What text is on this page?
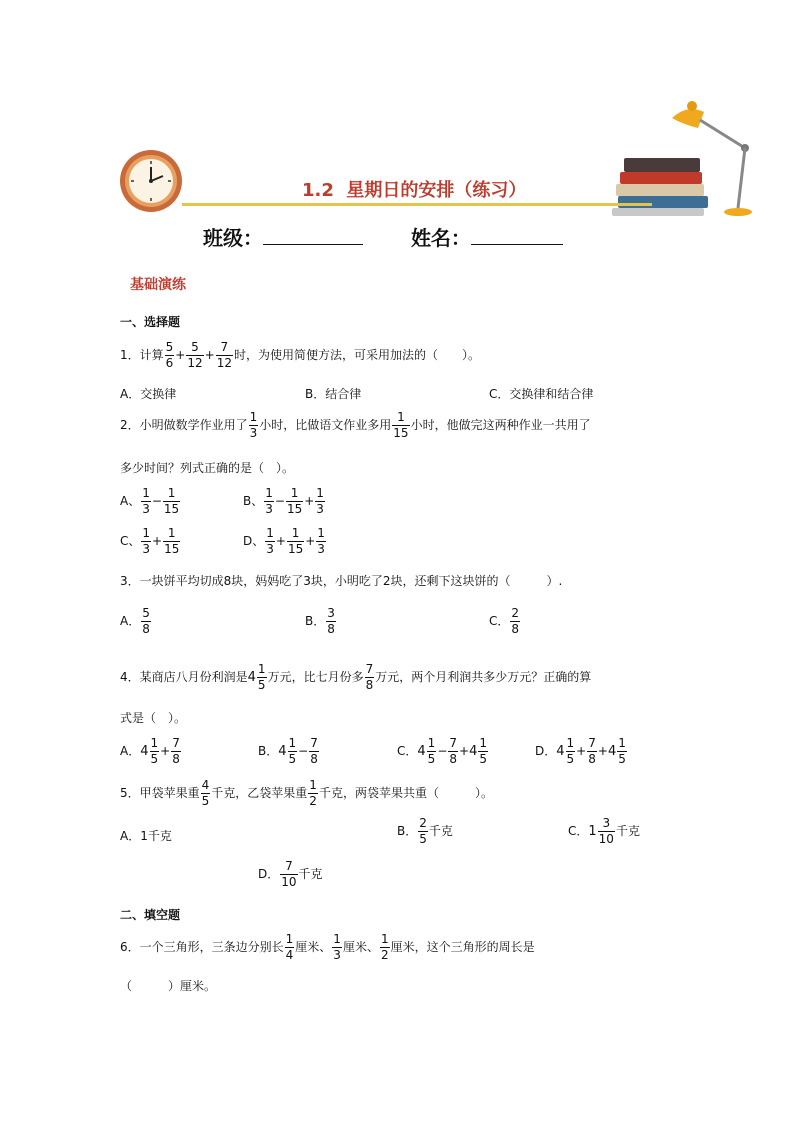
1.2  星期日的安排（练习）
班级：	姓名：
基础演练
一、选择题
1．计算 $\frac{5}{6} + \frac{5}{12} + \frac{7}{12}$ 时，为使用简便方法，可采用加法的（　　）。
A．交换律	B．结合律	C．交换律和结合律
2．小明做数学作业用了 $\frac{1}{3}$ 小时，比做语文作业多用 $\frac{1}{15}$ 小时，他做完这两种作业一共用了
多少时间？列式正确的是（　）。
A、 $\frac{1}{3} - \frac{1}{15}$	B、 $\frac{1}{3} - \frac{1}{15} + \frac{1}{3}$
C、 $\frac{1}{3} + \frac{1}{15}$	D、 $\frac{1}{3} + \frac{1}{15} + \frac{1}{3}$
3．一块饼平均切成8块，妈妈吃了3块，小明吃了2块，还剩下这块饼的（　　　）.
A． $\frac{5}{8}$	B． $\frac{3}{8}$	C． $\frac{2}{8}$
4．某商店八月份利润是 4
1
5
万元，比七月份多 $\frac{7}{8}$ 万元，两个月利润共多少万元？正确的算
式是（　）。
A． 4
1
5
+ $\frac{7}{8}$	B． 4
1
5
− $\frac{7}{8}$	C． 4
1
5
− $\frac{7}{8} + 4$
1
5
D． 4
1
5
+ $\frac{7}{8} + 4$
1
5
5．甲袋苹果重 $\frac{4}{5}$ 千克，乙袋苹果重 $\frac{1}{2}$ 千克，两袋苹果共重（　　　）。
A．1千克	B． $\frac{2}{5}$ 千克	C． 1
3
10
千克
D． $\frac{7}{10}$ 千克
二、填空题
6．一个三角形，三条边分别长 $\frac{1}{4}$ 厘米、 $\frac{1}{3}$ 厘米、 $\frac{1}{2}$ 厘米，这个三角形的周长是
（　　　）厘米。
